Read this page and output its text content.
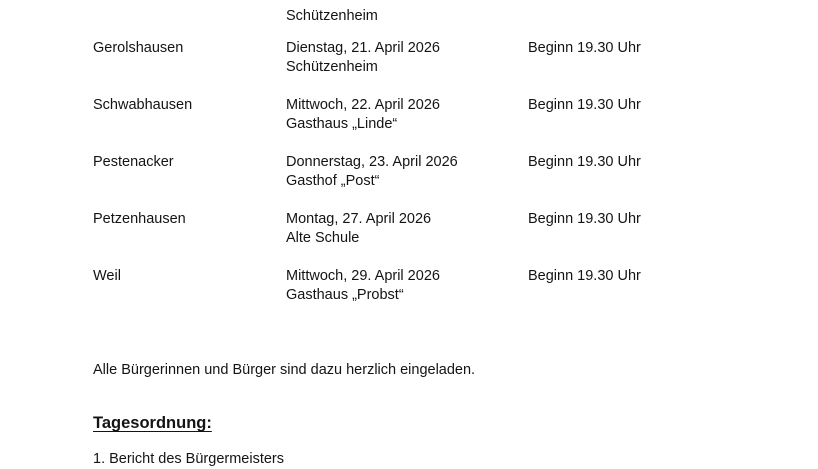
Schützenheim
Gerolshausen	Dienstag, 21. April 2026
Schützenheim
Beginn 19.30 Uhr
Schwabhausen	Mittwoch, 22. April 2026
Gasthaus „Linde“
Beginn 19.30 Uhr
Pestenacker	Donnerstag, 23. April 2026
Gasthof „Post“
Beginn 19.30 Uhr
Petzenhausen	Montag, 27. April 2026
Alte Schule
Beginn 19.30 Uhr
Weil	Mittwoch, 29. April 2026
Gasthaus „Probst“
Beginn 19.30 Uhr
Alle Bürgerinnen und Bürger sind dazu herzlich eingeladen.
Tagesordnung:
1. Bericht des Bürgermeisters
